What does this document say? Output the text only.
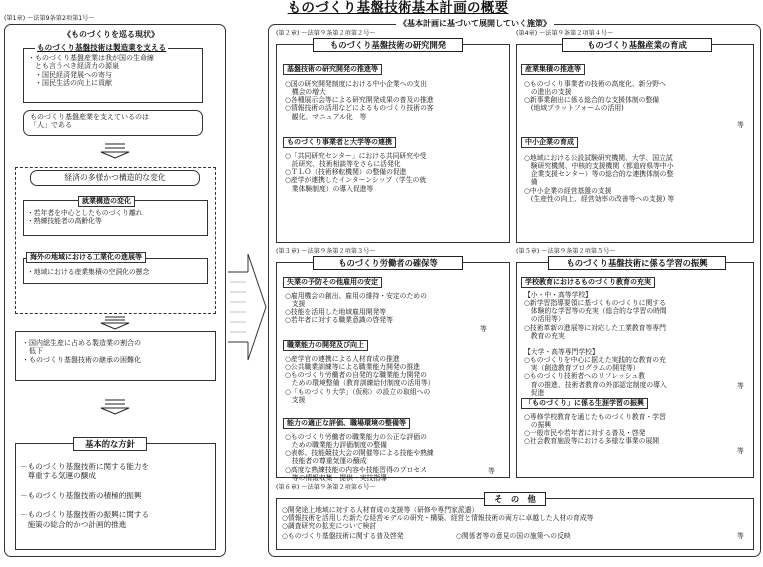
ものづくり基盤技術基本計画の概要
(第1章) ～法第9条第2項第1号～
《ものづくりを巡る現状》
ものづくり基盤技術は製造業を支える
・ものづくり基盤産業は我が国の生命線
　とも言うべき経済力の源泉
　・国民経済発展への寄与
　・国民生活の向上に貢献
ものづくり基盤産業を支えているのは
「人」である
経済の多様かつ構造的な変化
就業構造の変化
・若年者を中心としたものづくり離れ
・熟練技能者の高齢化等
海外の地域における工業化の進展等
・地域における産業集積の空洞化の懸念
・国内総生産に占める製造業の割合の
　低下
・ものづくり基盤技術の継承の困難化
基本的な方針
－ものづくり基盤技術に関する能力を
　尊重する気運の醸成
－ものづくり基盤技術の積極的振興
－ものづくり基盤技術の振興に関する
　施策の総合的かつ計画的推進
《基本計画に基づいて展開していく施策》
(第２章) ～法第９条第２項第２号～
ものづくり基盤技術の研究開発
基盤技術の研究開発の推進等
○国の研究開発制度における中小企業への支出
　機会の増大
○各種展示会等による研究開発成果の普及の推進
○情報技術の活用などによるものづくり技術の客
　観化、マニュアル化　等
ものづくり事業者と大学等の連携
○「共同研究センター」における共同研究や受
　託研究、技術相談等をさらに活発化
○ＴＬＯ（技術移転機関）の整備の促進
○産学が連携したインターンシップ（学生の就
　業体験制度）の導入促進等
(第4章) ～法第９条第２項第４号～
ものづくり基盤産業の育成
産業集積の推進等
○ものづくり事業者の技術の高度化、新分野へ
　の進出の支援
○新事業創出に係る総合的な支援体制の整備
　(地域プラットフォームの活用)
等
中小企業の育成
○地域における公設試験研究機関、大学、国立試
　験研究機関、中核的支援機関（都道府県等中小
　企業支援センター）等の総合的な連携体制の整
　備
○中小企業の経営基盤の支援
　(生産性の向上、経営効率の改善等への支援) 等
(第３章) ～法第９条第２項第３号～
ものづくり労働者の確保等
失業の予防その他雇用の安定
○雇用機会の創出、雇用の維持・安定のための
　支援
○技能を活用した地域雇用開発等
○若年者に対する職業意識の啓発等
等
職業能力の開発及び向上
○産学官の連携による人材育成の推進
○公共職業訓練等による職業能力開発の推進
○ものづくり労働者の自発的な職業能力開発の
　ための環境整備（教育訓練給付制度の活用等）
○「ものづくり大学」（仮称）の設立の取組への
　支援
能力の適正な評価、職場環境の整備等
○ものづくり労働者の職業能力の公正な評価の
　ための職業能力評価制度の整備
○表彰、技能競技大会の開催等による技能や熟練
　技能者の尊重気運の醸成
○高度な熟練技能の内容や技能習得のプロセス
　等の情報収集・提供・実技指導
等
(第５章) ～法第９条第２項第５号～
ものづくり基盤技術に係る学習の振興
学校教育におけるものづくり教育の充実
【小・中・高等学校】
○新学習指導要領に基づくものづくりに関する
　体験的な学習等の充実（総合的な学習の時間
　の活用等）
○技術革新の進展等に対応した工業教育等専門
　教育の充実
【大学・高等専門学校】
○ものづくりを中心に据えた実践的な教育の充
　実（創造教育プログラムの開発等）
○ものづくり技術者へのリフレッシュ教
　育の推進、技術者教育の外部認定制度の導入
　促進
等
「ものづくり」に係る生涯学習の振興
○専修学校教育を通じたものづくり教育・学習
　の振興
○一般市民や若年者に対する普及・啓発
○社会教育施設等における多様な事業の展開
等
(第６章) ～法第９条第２項第６号～
そ　の　他
○開発途上地域に対する人材育成の支援等（研修や専門家派遣）
○情報技術を活用した新たな経営モデルの研究・構築、経営と情報技術の両方に卓越した人材の育成等
○調査研究の拡充について検討
○ものづくり基盤技術に関する普及啓発	○関係者等の意見の国の施策への反映	等
